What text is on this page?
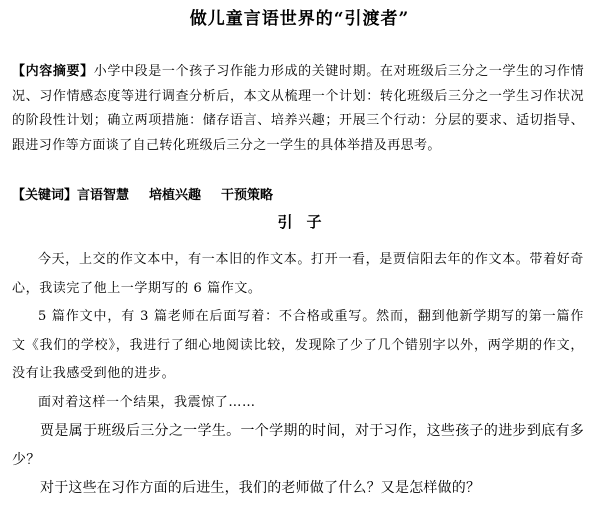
做儿童言语世界的“引渡者”
【内容摘要】小学中段是一个孩子习作能力形成的关键时期。在对班级后三分之一学生的习作情况、习作情感态度等进行调查分析后，本文从梳理一个计划：转化班级后三分之一学生习作状况的阶段性计划；确立两项措施：储存语言、培养兴趣；开展三个行动：分层的要求、适切指导、跟进习作等方面谈了自己转化班级后三分之一学生的具体举措及再思考。
【关键词】言语智慧 培植兴趣 干预策略
引子

今天，上交的作文本中，有一本旧的作文本。打开一看，是贾信阳去年的作文本。带着好奇心，我读完了他上一学期写的 6 篇作文。

5 篇作文中，有 3 篇老师在后面写着：不合格或重写。然而，翻到他新学期写的第一篇作文《我们的学校》，我进行了细心地阅读比较，发现除了少了几个错别字以外，两学期的作文，没有让我感受到他的进步。

面对着这样一个结果，我震惊了……

贾是属于班级后三分之一学生。一个学期的时间，对于习作，这些孩子的进步到底有多少？

对于这些在习作方面的后进生，我们的老师做了什么？又是怎样做的？
